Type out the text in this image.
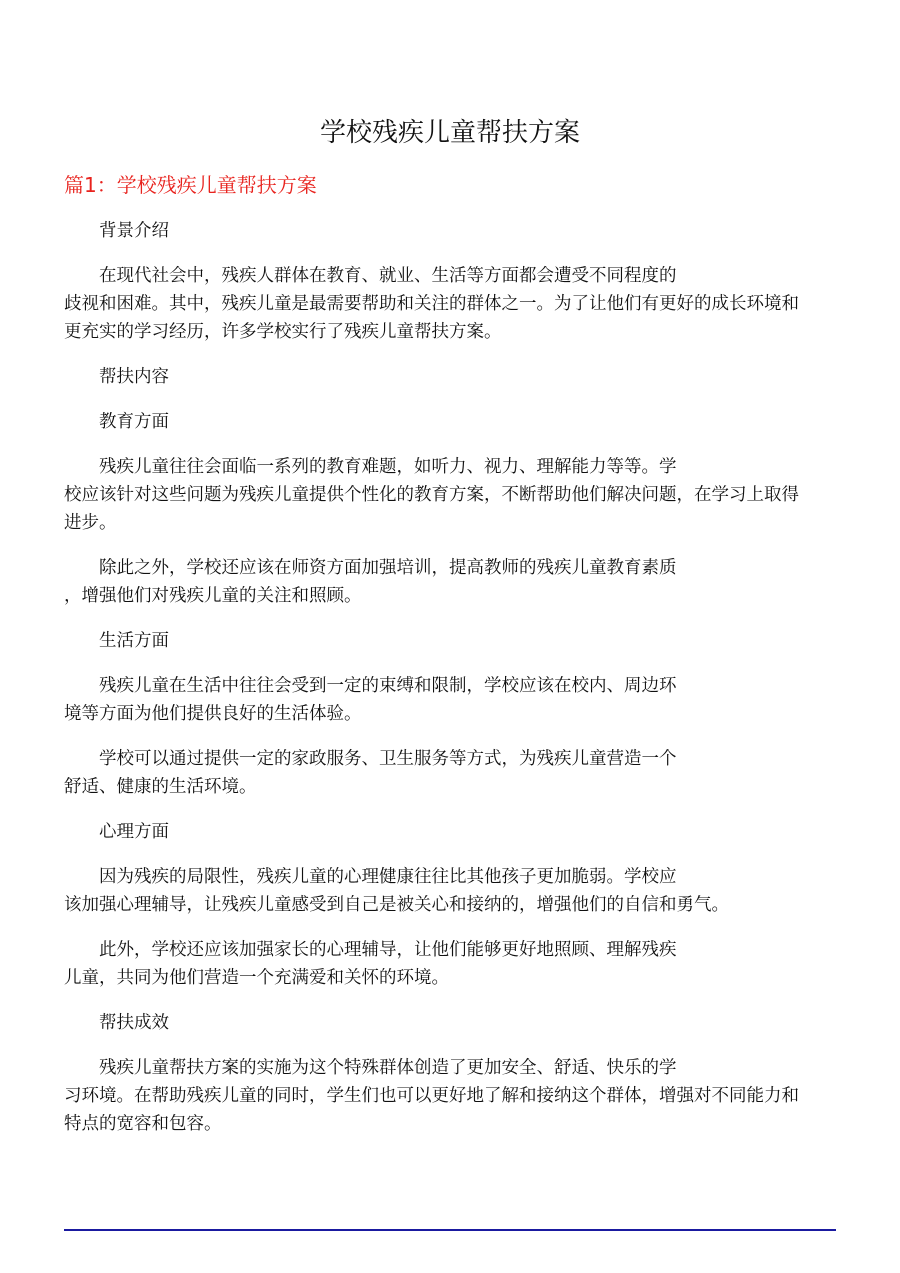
学校残疾儿童帮扶方案
篇1：学校残疾儿童帮扶方案
背景介绍
在现代社会中，残疾人群体在教育、就业、生活等方面都会遭受不同程度的
歧视和困难。其中，残疾儿童是最需要帮助和关注的群体之一。为了让他们有更好的成长环境和
更充实的学习经历，许多学校实行了残疾儿童帮扶方案。
帮扶内容
教育方面
残疾儿童往往会面临一系列的教育难题，如听力、视力、理解能力等等。学
校应该针对这些问题为残疾儿童提供个性化的教育方案，不断帮助他们解决问题，在学习上取得
进步。
除此之外，学校还应该在师资方面加强培训，提高教师的残疾儿童教育素质
，增强他们对残疾儿童的关注和照顾。
生活方面
残疾儿童在生活中往往会受到一定的束缚和限制，学校应该在校内、周边环
境等方面为他们提供良好的生活体验。
学校可以通过提供一定的家政服务、卫生服务等方式，为残疾儿童营造一个
舒适、健康的生活环境。
心理方面
因为残疾的局限性，残疾儿童的心理健康往往比其他孩子更加脆弱。学校应
该加强心理辅导，让残疾儿童感受到自己是被关心和接纳的，增强他们的自信和勇气。
此外，学校还应该加强家长的心理辅导，让他们能够更好地照顾、理解残疾
儿童，共同为他们营造一个充满爱和关怀的环境。
帮扶成效
残疾儿童帮扶方案的实施为这个特殊群体创造了更加安全、舒适、快乐的学
习环境。在帮助残疾儿童的同时，学生们也可以更好地了解和接纳这个群体，增强对不同能力和
特点的宽容和包容。
